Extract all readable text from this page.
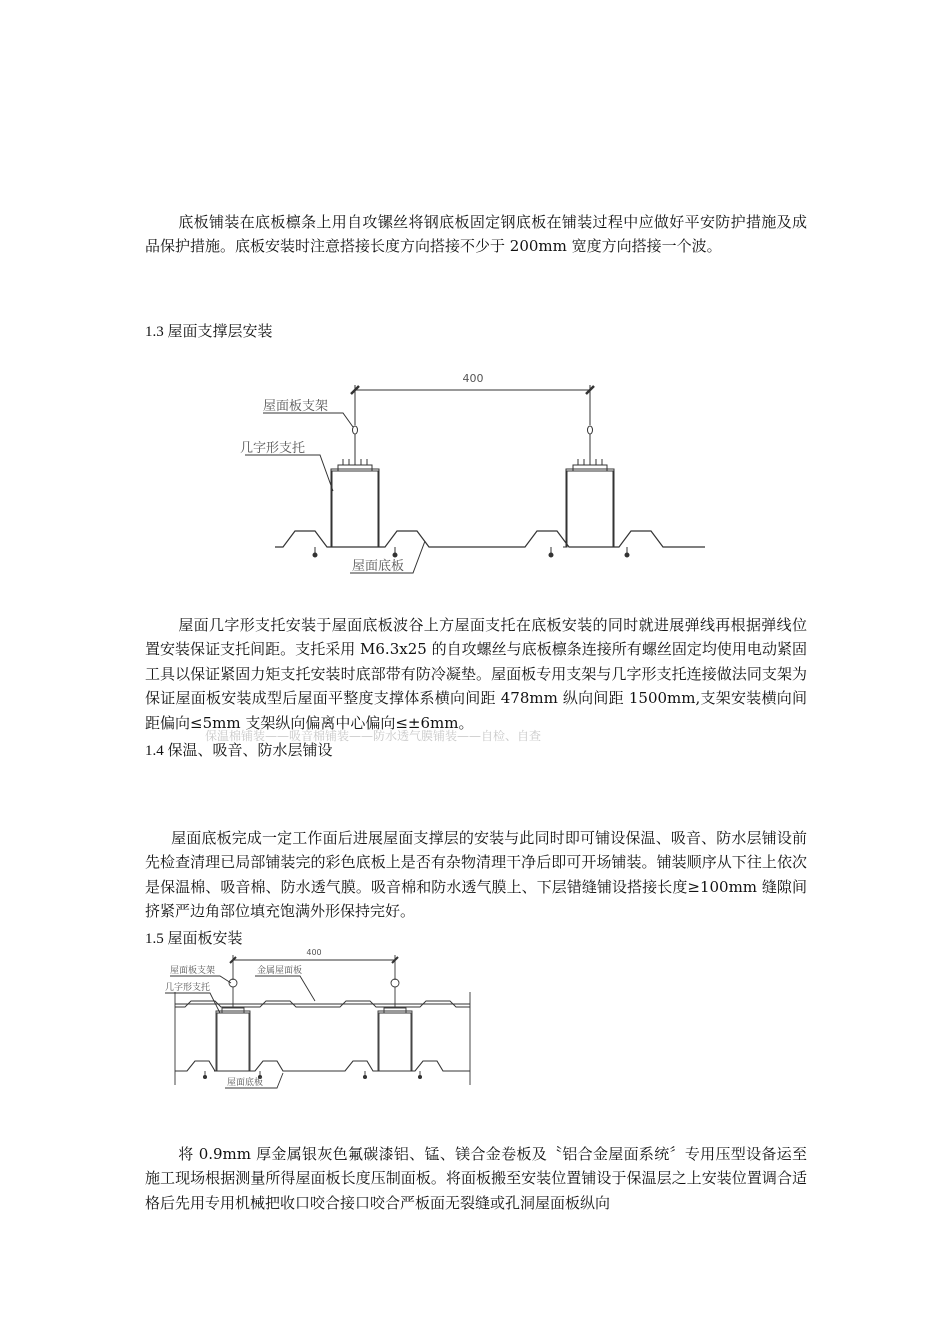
底板铺装在底板檩条上用自攻镙丝将钢底板固定钢底板在铺装过程中应做好平安防护措施及成品保护措施。底板安装时注意搭接长度方向搭接不少于 200mm 宽度方向搭接一个波。

1.3 屋面支撑层安装

400
屋面板支架
几字形支托
屋面底板

屋面几字形支托安装于屋面底板波谷上方屋面支托在底板安装的同时就进展弹线再根据弹线位置安装保证支托间距。支托采用 M6.3x25 的自攻螺丝与底板檩条连接所有螺丝固定均使用电动紧固工具以保证紧固力矩支托安装时底部带有防冷凝垫。屋面板专用支架与几字形支托连接做法同支架为保证屋面板安装成型后屋面平整度支撑体系横向间距 478mm 纵向间距 1500mm,支架安装横向间距偏向≤5mm 支架纵向偏离中心偏向≤±6mm。

保温棉铺装——吸音棉铺装——防水透气膜铺装——自检、自查

1.4 保温、吸音、防水层铺设

屋面底板完成一定工作面后进展屋面支撑层的安装与此同时即可铺设保温、吸音、防水层铺设前先检查清理已局部铺装完的彩色底板上是否有杂物清理干净后即可开场铺装。铺装顺序从下往上依次是保温棉、吸音棉、防水透气膜。吸音棉和防水透气膜上、下层错缝铺设搭接长度≥100mm 缝隙间挤紧严边角部位填充饱满外形保持完好。

1.5 屋面板安装

400
屋面板支架	金属屋面板
几字形支托
屋面底板

将 0.9mm 厚金属银灰色氟碳漆铝、锰、镁合金卷板及〝铝合金屋面系统〞专用压型设备运至施工现场根据测量所得屋面板长度压制面板。将面板搬至安装位置铺设于保温层之上安装位置调合适格后先用专用机械把收口咬合接口咬合严板面无裂缝或孔洞屋面板纵向
